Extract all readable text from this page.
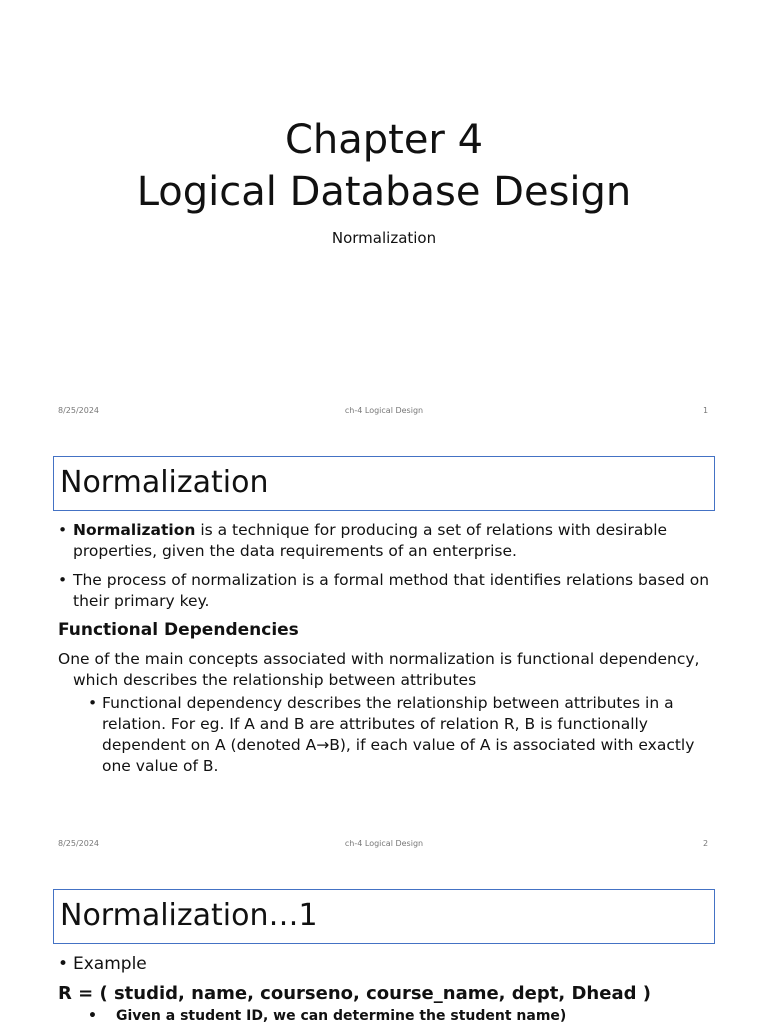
Chapter 4
Logical Database Design
Normalization
8/25/2024	ch-4 Logical Design	1
Normalization
• Normalization is a technique for producing a set of relations with desirable properties, given the data requirements of an enterprise.
• The process of normalization is a formal method that identifies relations based on their primary key.
Functional Dependencies
One of the main concepts associated with normalization is functional dependency, which describes the relationship between attributes
• Functional dependency describes the relationship between attributes in a relation. For eg. If A and B are attributes of relation R, B is functionally dependent on A (denoted A→B), if each value of A is associated with exactly one value of B.
8/25/2024	ch-4 Logical Design	2
Normalization…1
• Example
R = ( studid, name, courseno, course_name, dept, Dhead )
• Given a student ID, we can determine the student name)
